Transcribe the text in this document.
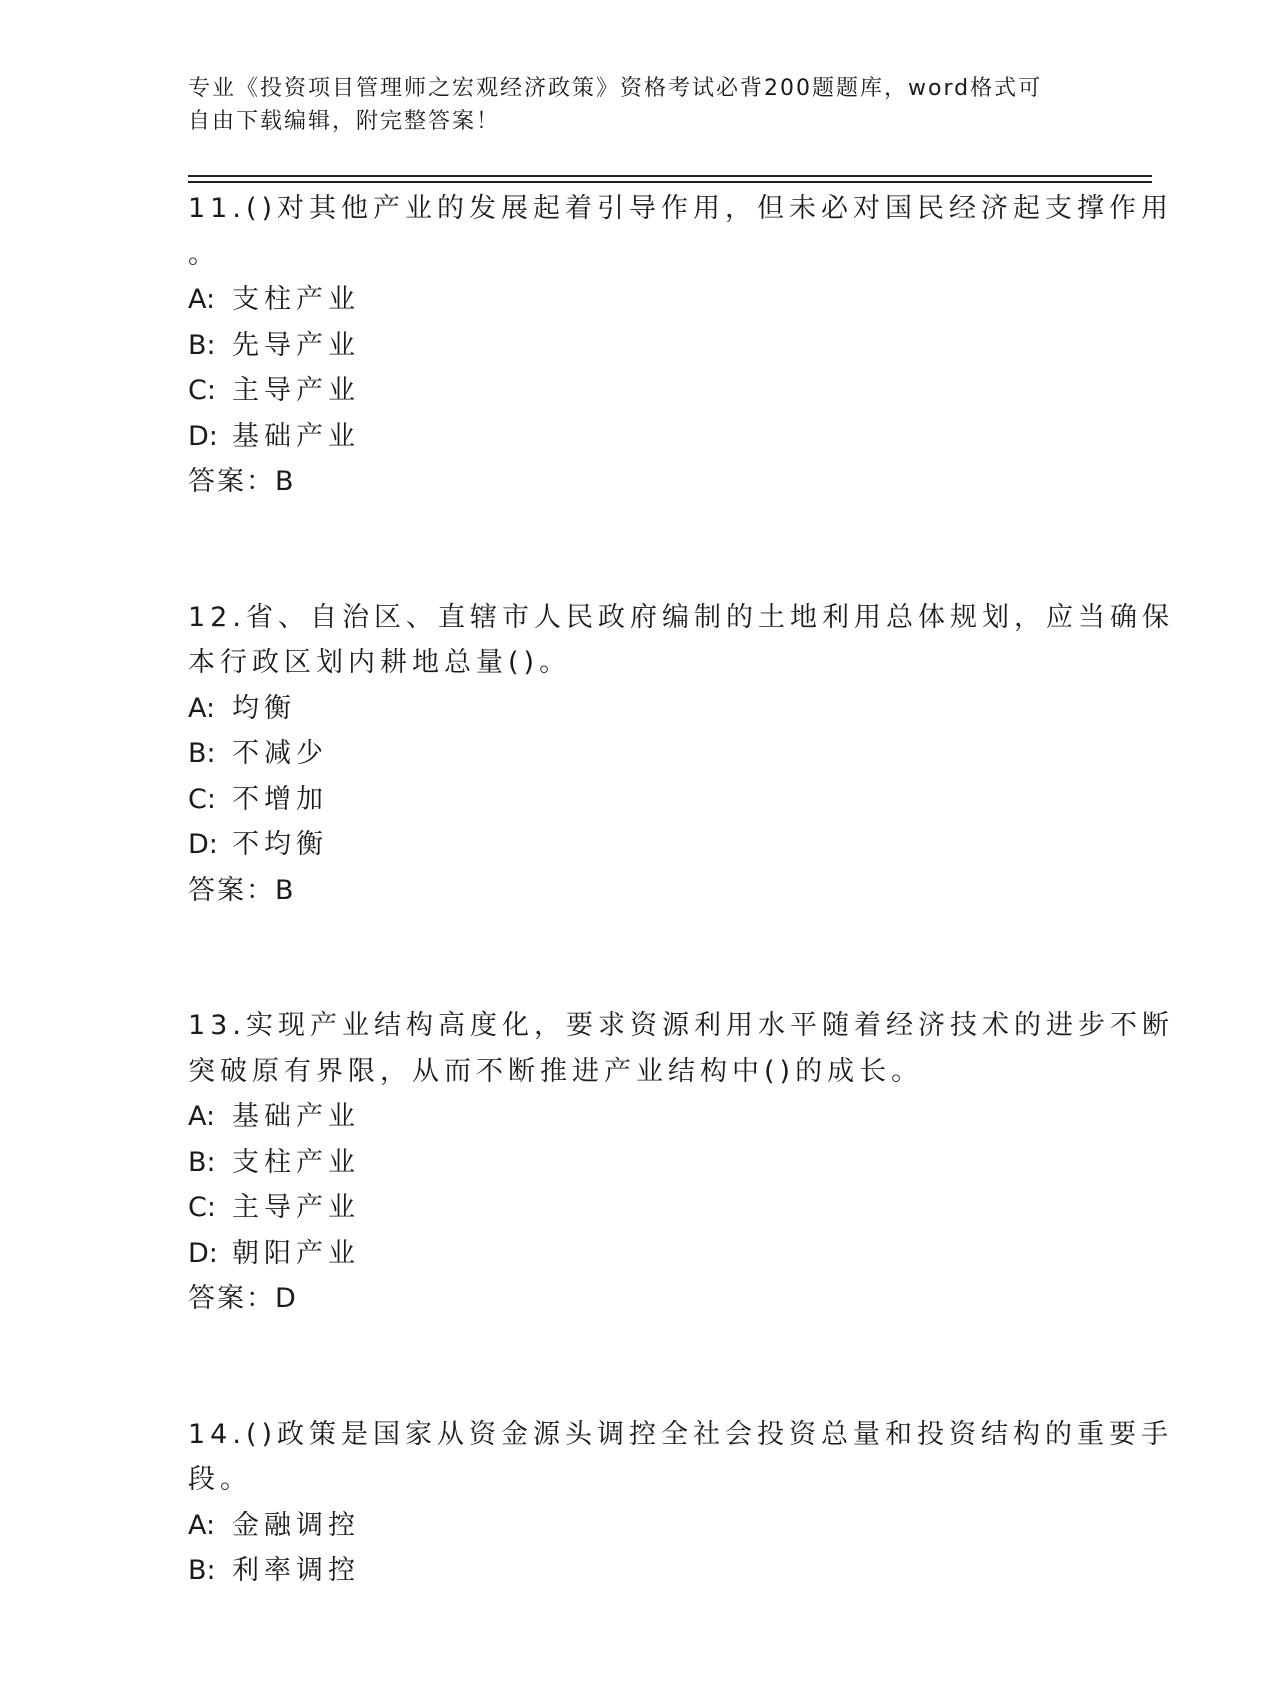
专业《投资项目管理师之宏观经济政策》资格考试必背200题题库，word格式可
自由下载编辑，附完整答案！
11.()对其他产业的发展起着引导作用，但未必对国民经济起支撑作用
。
A: 支柱产业
B: 先导产业
C: 主导产业
D: 基础产业
答案：B
12.省、自治区、直辖市人民政府编制的土地利用总体规划，应当确保
本行政区划内耕地总量()。
A: 均衡
B: 不减少
C: 不增加
D: 不均衡
答案：B
13.实现产业结构高度化，要求资源利用水平随着经济技术的进步不断
突破原有界限，从而不断推进产业结构中()的成长。
A: 基础产业
B: 支柱产业
C: 主导产业
D: 朝阳产业
答案：D
14.()政策是国家从资金源头调控全社会投资总量和投资结构的重要手
段。
A: 金融调控
B: 利率调控
